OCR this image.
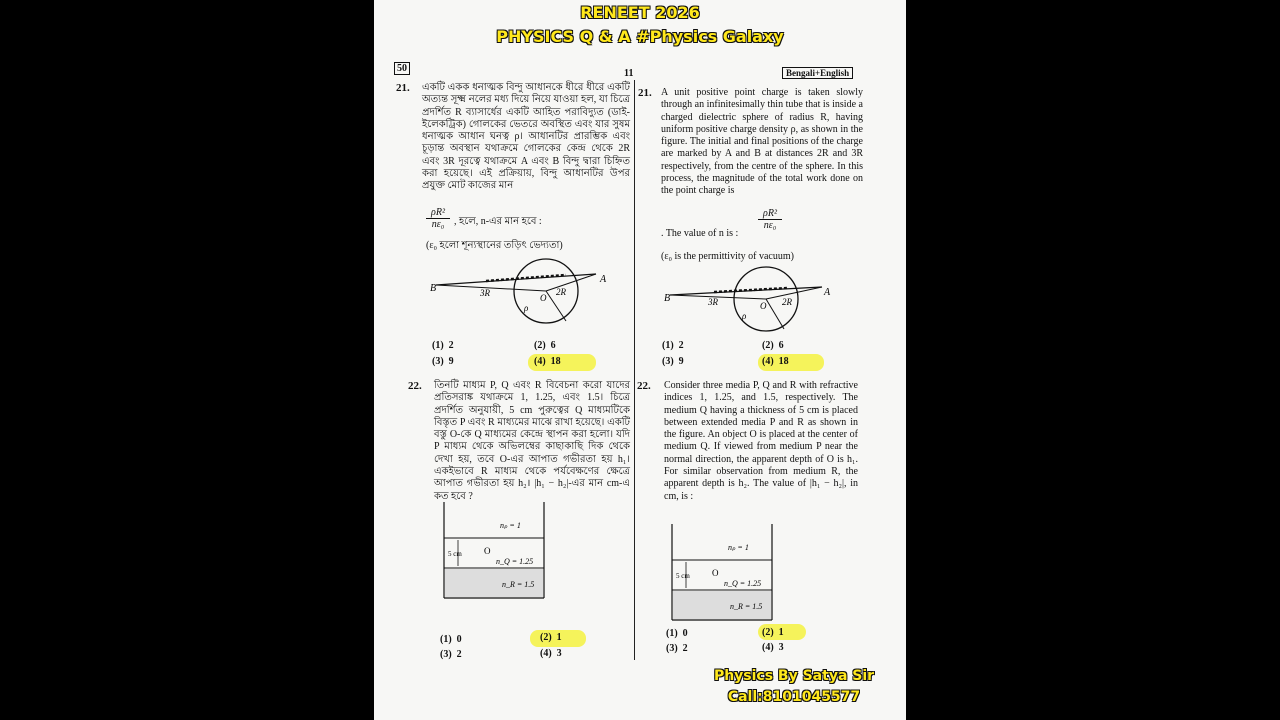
RENEET 2026
PHYSICS Q & A #Physics Galaxy
50	11	Bengali+English
21. একটি একক ধনাত্মক বিন্দু আধানকে ধীরে ধীরে একটি অত্যন্ত সূক্ষ্ম নলের মধ্য দিয়ে নিয়ে যাওয়া হল, যা চিত্রে প্রদর্শিত R ব্যাসার্ধের একটি আহিত পরাবিদ্যুত (ডাই-ইলেকট্রিক) গোলকের ভেতরে অবস্থিত এবং যার সুষম ধনাত্মক আধান ঘনত্ব ρ। আধানটির প্রারম্ভিক এবং চূড়ান্ত অবস্থান যথাক্রমে গোলকের কেন্দ্র থেকে 2R এবং 3R দূরত্বে যথাক্রমে A এবং B বিন্দু দ্বারা চিহ্নিত করা হয়েছে। এই প্রক্রিয়ায়, বিন্দু আধানটির উপর প্রযুক্ত মোট কাজের মান
$\frac{\text{ρR²}}{\text{nε₀}}$ , হলে, n-এর মান হবে :
(ε₀ হলো শূন্যস্থানের তড়িৎ ভেদ্যতা)
B
A
O
ρ
3R	2R
(1) 2	(2) 6
(3) 9	(4) 18
21. A unit positive point charge is taken slowly through an infinitesimally thin tube that is inside a charged dielectric sphere of radius R, having uniform positive charge density ρ, as shown in the figure. The initial and final positions of the charge are marked by A and B at distances 2R and 3R respectively, from the centre of the sphere. In this process, the magnitude of the total work done on the point charge is
$\frac{\text{ρR²}}{\text{nε₀}}$
. The value of n is :
(ε₀ is the permittivity of vacuum)
B
A
O
ρ
3R	2R
(1) 2	(2) 6
(3) 9	(4) 18
22. তিনটি মাধ্যম P, Q এবং R বিবেচনা করো যাদের প্রতিসরাঙ্ক যথাক্রমে 1, 1.25, এবং 1.5। চিত্রে প্রদর্শিত অনুযায়ী, 5 cm পুরুত্বের Q মাধ্যমটিকে বিস্তৃত P এবং R মাধ্যমের মাঝে রাখা হয়েছে। একটি বস্তু O-কে Q মাধ্যমের কেন্দ্রে স্থাপন করা হলো। যদি P মাধ্যম থেকে অভিলম্বের কাছাকাছি দিক থেকে দেখা হয়, তবে O-এর আপাত গভীরতা হয় h₁। একইভাবে R মাধ্যম থেকে পর্যবেক্ষণের ক্ষেত্রে আপাত গভীরতা হয় h₂। |h₁ − h₂|-এর মান cm-এ কত হবে ?
nₚ = 1
5 cm O
n_Q = 1.25
n_R = 1.5
(1) 0	(2) 1
(3) 2	(4) 3
22. Consider three media P, Q and R with refractive indices 1, 1.25, and 1.5, respectively. The medium Q having a thickness of 5 cm is placed between extended media P and R as shown in the figure. An object O is placed at the center of medium Q. If viewed from medium P near the normal direction, the apparent depth of O is h₁. For similar observation from medium R, the apparent depth is h₂. The value of |h₁ − h₂|, in cm, is :
nₚ = 1
5 cm O
n_Q = 1.25
n_R = 1.5
(1) 0	(2) 1
(3) 2	(4) 3
Physics By Satya Sir
Call:8101045577
